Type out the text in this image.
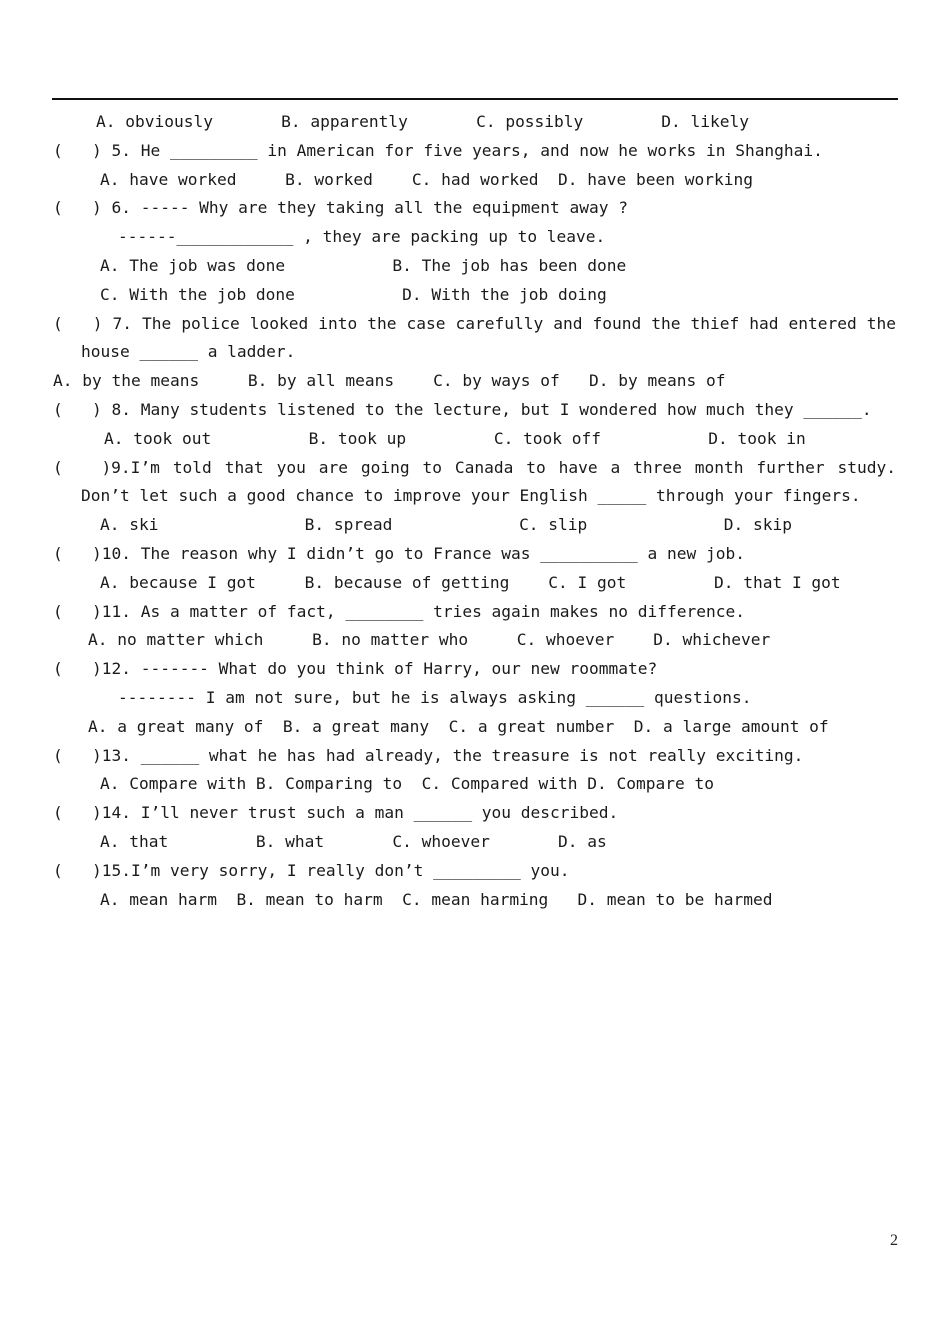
A. obviously       B. apparently       C. possibly        D. likely
(   ) 5. He _________ in American for five years, and now he works in Shanghai.
A. have worked     B. worked    C. had worked  D. have been working
(   ) 6. ----- Why are they taking all the equipment away ?
------____________ , they are packing up to leave.
A. The job was done           B. The job has been done
C. With the job done           D. With the job doing
(   ) 7. The police looked into the case carefully and found the thief had entered the
house ______ a ladder.
A. by the means     B. by all means    C. by ways of   D. by means of
(   ) 8. Many students listened to the lecture, but I wondered how much they ______.
A. took out          B. took up         C. took off           D. took in
(   )9.I’m told that you are going to Canada to have a three month further study.
Don’t let such a good chance to improve your English _____ through your fingers.
A. ski               B. spread             C. slip              D. skip
(   )10. The reason why I didn’t go to France was __________ a new job.
A. because I got     B. because of getting    C. I got         D. that I got
(   )11. As a matter of fact, ________ tries again makes no difference.
A. no matter which     B. no matter who     C. whoever    D. whichever
(   )12. ------- What do you think of Harry, our new roommate?
-------- I am not sure, but he is always asking ______ questions.
A. a great many of  B. a great many  C. a great number  D. a large amount of
(   )13. ______ what he has had already, the treasure is not really exciting.
A. Compare with B. Comparing to  C. Compared with D. Compare to
(   )14. I’ll never trust such a man ______ you described.
A. that         B. what       C. whoever       D. as
(   )15.I’m very sorry, I really don’t _________ you.
A. mean harm  B. mean to harm  C. mean harming   D. mean to be harmed
2
